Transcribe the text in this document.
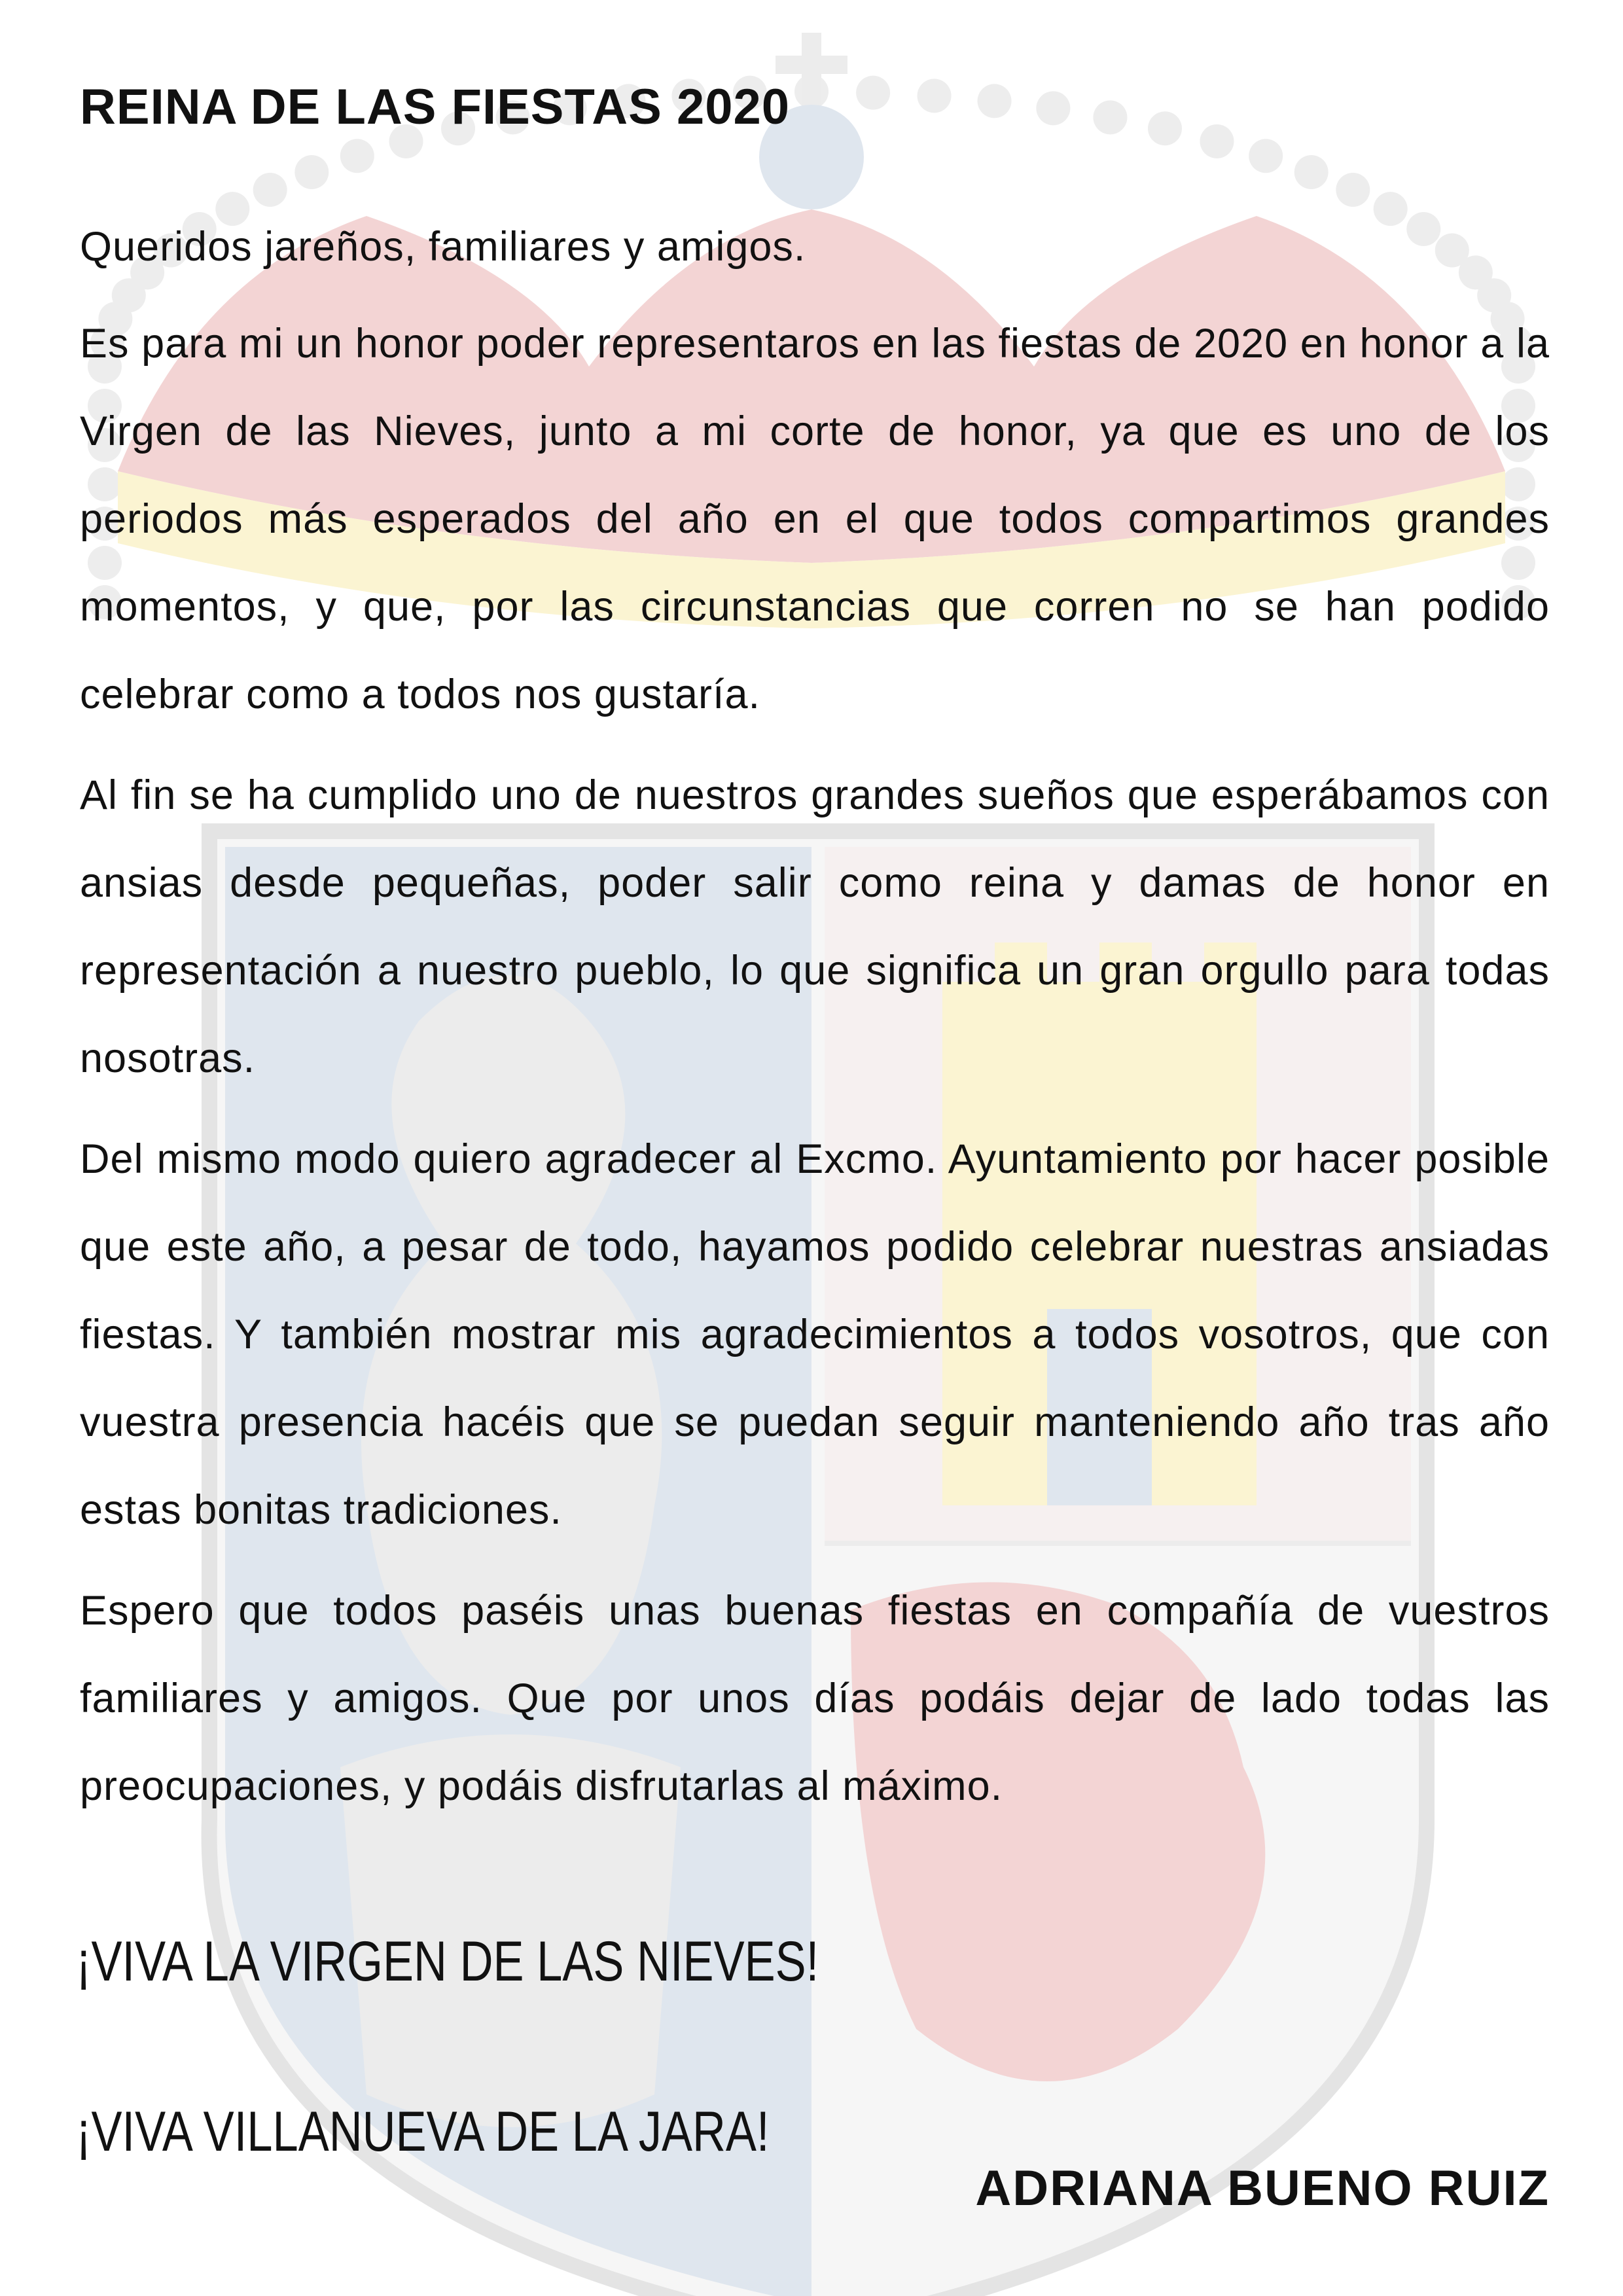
REINA DE LAS FIESTAS 2020

Queridos jareños, familiares y amigos.

Es para mi un honor poder representaros en las fiestas de 2020 en honor a la Virgen de las Nieves, junto a mi corte de honor, ya que es uno de los periodos más esperados del año en el que todos compartimos grandes momentos, y que, por las circunstancias que corren no se han podido celebrar como a todos nos gustaría.

Al fin se ha cumplido uno de nuestros grandes sueños que esperábamos con ansias desde pequeñas, poder salir como reina y damas de honor en representación a nuestro pueblo, lo que significa un gran orgullo para todas nosotras.

Del mismo modo quiero agradecer al Excmo. Ayuntamiento por hacer posible que este año, a pesar de todo, hayamos podido celebrar nuestras ansiadas fiestas. Y también mostrar mis agradecimientos a todos vosotros, que con vuestra presencia hacéis que se puedan seguir manteniendo año tras año estas bonitas tradiciones.

Espero que todos paséis unas buenas fiestas en compañía de vuestros familiares y amigos. Que por unos días podáis dejar de lado todas las preocupaciones, y podáis disfrutarlas al máximo.

¡VIVA LA VIRGEN DE LAS NIEVES!

¡VIVA VILLANUEVA DE LA JARA!

ADRIANA BUENO RUIZ
